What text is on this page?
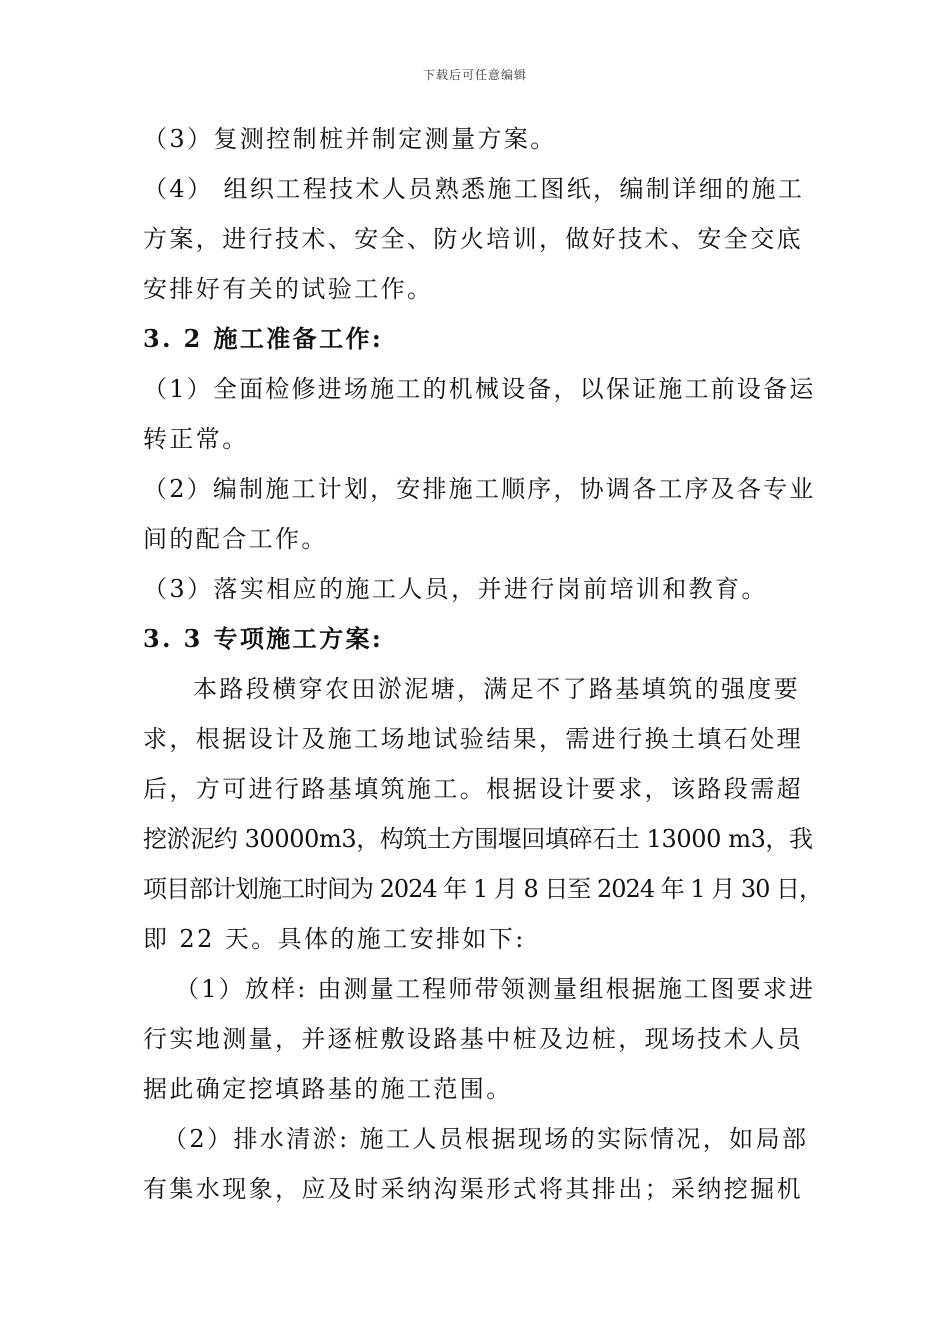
下载后可任意编辑
（3）复测控制桩并制定测量方案。
（4） 组织工程技术人员熟悉施工图纸，编制详细的施工
方案，进行技术、安全、防火培训，做好技术、安全交底
安排好有关的试验工作。
3. 2 施工准备工作:
（1）全面检修进场施工的机械设备，以保证施工前设备运
转正常。
（2）编制施工计划，安排施工顺序，协调各工序及各专业
间的配合工作。
（3）落实相应的施工人员，并进行岗前培训和教育。
3. 3 专项施工方案:
本路段横穿农田淤泥塘，满足不了路基填筑的强度要
求，根据设计及施工场地试验结果，需进行换土填石处理
后，方可进行路基填筑施工。根据设计要求，该路段需超
挖淤泥约 30000m3，构筑土方围堰回填碎石土 13000 m3，我
项目部计划施工时间为 2024 年 1 月 8 日至 2024 年 1 月 30 日，
即 22 天。具体的施工安排如下:
（1）放样: 由测量工程师带领测量组根据施工图要求进
行实地测量，并逐桩敷设路基中桩及边桩，现场技术人员
据此确定挖填路基的施工范围。
（2）排水清淤: 施工人员根据现场的实际情况，如局部
有集水现象，应及时采纳沟渠形式将其排出；采纳挖掘机
